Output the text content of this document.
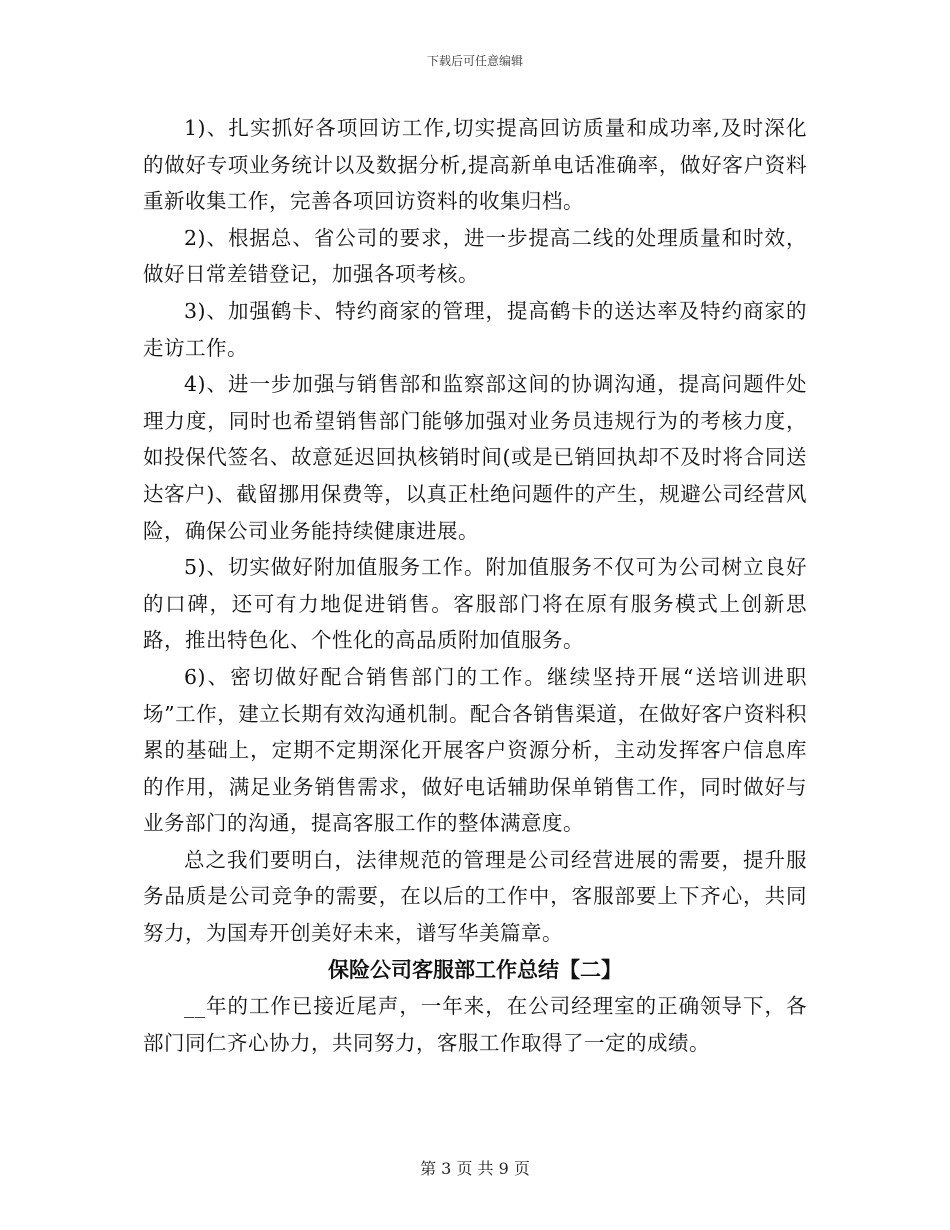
下载后可任意编辑

1)、扎实抓好各项回访工作,切实提高回访质量和成功率,及时深化的做好专项业务统计以及数据分析,提高新单电话准确率，做好客户资料重新收集工作，完善各项回访资料的收集归档。

2)、根据总、省公司的要求，进一步提高二线的处理质量和时效，做好日常差错登记，加强各项考核。

3)、加强鹤卡、特约商家的管理，提高鹤卡的送达率及特约商家的走访工作。

4)、进一步加强与销售部和监察部这间的协调沟通，提高问题件处理力度，同时也希望销售部门能够加强对业务员违规行为的考核力度，如投保代签名、故意延迟回执核销时间(或是已销回执却不及时将合同送达客户)、截留挪用保费等，以真正杜绝问题件的产生，规避公司经营风险，确保公司业务能持续健康进展。

5)、切实做好附加值服务工作。附加值服务不仅可为公司树立良好的口碑，还可有力地促进销售。客服部门将在原有服务模式上创新思路，推出特色化、个性化的高品质附加值服务。

6)、密切做好配合销售部门的工作。继续坚持开展“送培训进职场”工作，建立长期有效沟通机制。配合各销售渠道，在做好客户资料积累的基础上，定期不定期深化开展客户资源分析，主动发挥客户信息库的作用，满足业务销售需求，做好电话辅助保单销售工作，同时做好与业务部门的沟通，提高客服工作的整体满意度。

总之我们要明白，法律规范的管理是公司经营进展的需要，提升服务品质是公司竞争的需要，在以后的工作中，客服部要上下齐心，共同努力，为国寿开创美好未来，谱写华美篇章。

保险公司客服部工作总结【二】

__年的工作已接近尾声，一年来，在公司经理室的正确领导下，各部门同仁齐心协力，共同努力，客服工作取得了一定的成绩。

第 3 页 共 9 页
